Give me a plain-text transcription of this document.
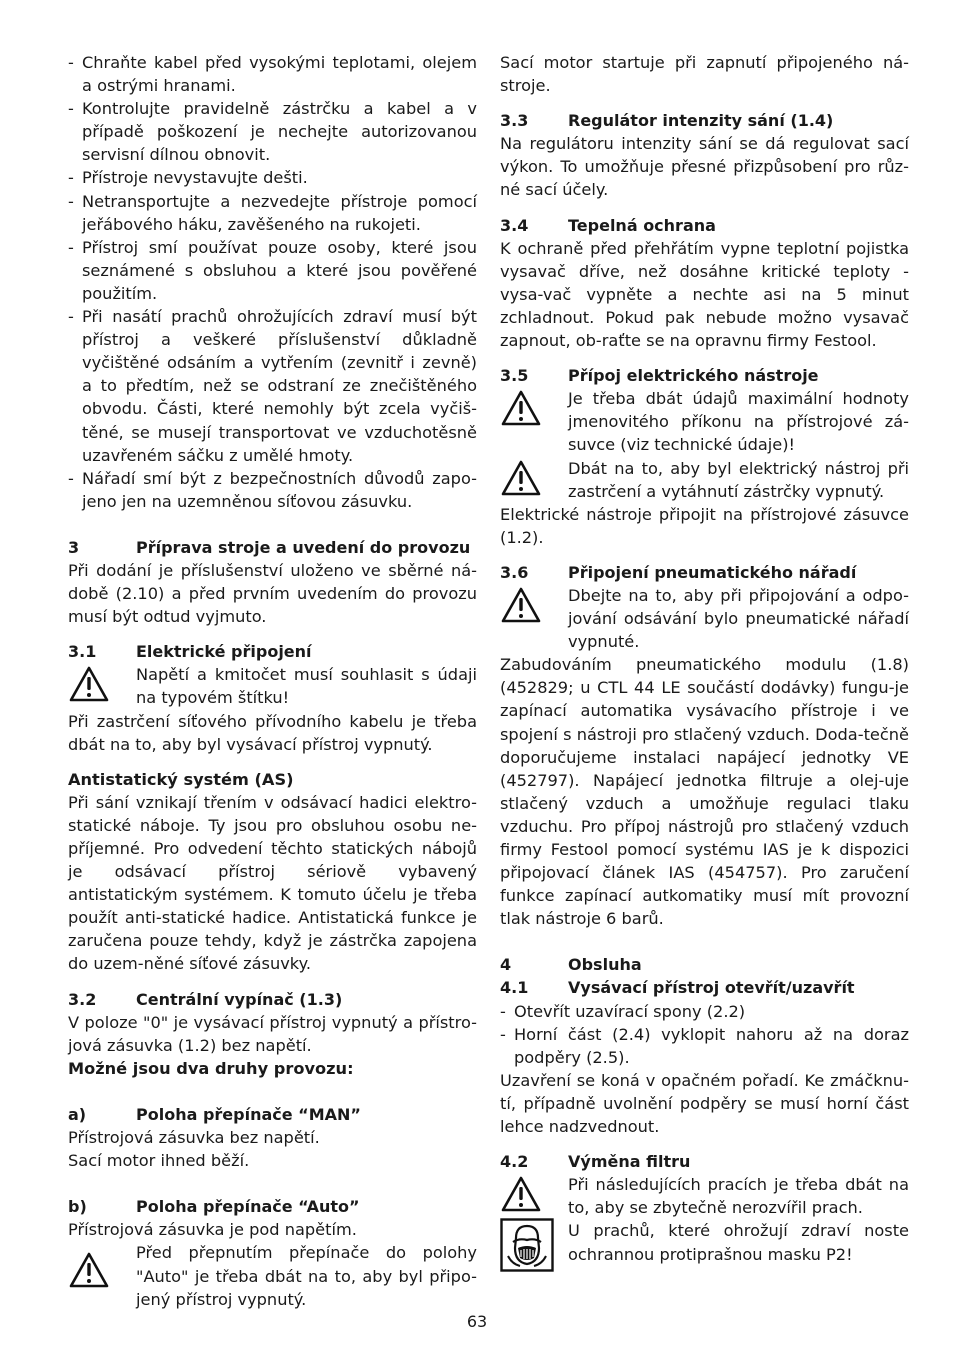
- Chraňte kabel před vysokými teplotami, olejem a ostrými hranami.
- Kontrolujte pravidelně zástrčku a kabel a v případě poškození je nechejte autorizovanou servisní dílnou obnovit.
- Přístroje nevystavujte dešti.
- Netransportujte a nezvedejte přístroje pomocí jeřábového háku, zavěšeného na rukojeti.
- Přístroj smí používat pouze osoby, které jsou seznámené s obsluhou a které jsou pověřené použitím.
- Při nasátí prachů ohrožujících zdraví musí být přístroj a veškeré příslušenství důkladně vyčištěné odsáním a vytřením (zevnitř i zevně) a to předtím, než se odstraní ze znečištěného obvodu. Části, které nemohly být zcela vyčiš-těné, se musejí transportovat ve vzduchotěsně uzavřeném sáčku z umělé hmoty.
- Nářadí smí být z bezpečnostních důvodů zapo-jeno jen na uzemněnou síťovou zásuvku.
3	Příprava stroje a uvedení do provozu

Při dodání je příslušenství uloženo ve sběrné ná-době (2.10) a před prvním uvedením do provozu musí být odtud vyjmuto.

3.1	Elektrické připojení
Napětí a kmitočet musí souhlasit s údaji na typovém štítku!

Při zastrčení síťového přívodního kabelu je třeba dbát na to, aby byl vysávací přístroj vypnutý.

Antistatický systém (AS)

Při sání vznikají třením v odsávací hadici elektro-statické náboje. Ty jsou pro obsluhou osobu ne-příjemné. Pro odvedení těchto statických nábojů je odsávací přístroj sériově vybavený antistatickým systémem. K tomuto účelu je třeba použít anti-statické hadice. Antistatická funkce je zaručena pouze tehdy, když je zástrčka zapojena do uzem-něné síťové zásuvky.

3.2	Centrální vypínač (1.3)

V poloze "0" je vysávací přístroj vypnutý a přístro-jová zásuvka (1.2) bez napětí.

Možné jsou dva druhy provozu:
a)	Poloha přepínače “MAN”
Přístrojová zásuvka bez napětí.
Sací motor ihned běží.
b)	Poloha přepínače “Auto”
Přístrojová zásuvka je pod napětím.
Před přepnutím přepínače do polohy "Auto" je třeba dbát na to, aby byl připo-jený přístroj vypnutý.

Sací motor startuje při zapnutí připojeného ná-stroje.

3.3	Regulátor intenzity sání (1.4)

Na regulátoru intenzity sání se dá regulovat sací výkon. To umožňuje přesné přizpůsobení pro růz-né sací účely.

3.4	Tepelná ochrana

K ochraně před přehřátím vypne teplotní pojistka vysavač dříve, než dosáhne kritické teploty - vysa-vač vypněte a nechte asi na 5 minut zchladnout. Pokud pak nebude možno vysavač zapnout, ob-raťte se na opravnu firmy Festool.

3.5	Přípoj elektrického nástroje
Je třeba dbát údajů maximální hodnoty jmenovitého příkonu na přístrojové zá-suvce (viz technické údaje)!
Dbát na to, aby byl elektrický nástroj při zastrčení a vytáhnutí zástrčky vypnutý.

Elektrické nástroje připojit na přístrojové zásuvce (1.2).

3.6	Připojení pneumatického nářadí
Dbejte na to, aby při připojování a odpo-jování odsávání bylo pneumatické nářadí vypnuté.

Zabudováním pneumatického modulu (1.8) (452829; u CTL 44 LE součástí dodávky) fungu-je zapínací automatika vysávacího přístroje i ve spojení s nástroji pro stlačený vzduch. Doda-tečně doporučujeme instalaci napájecí jednotky VE (452797). Napájecí jednotka filtruje a olej-uje stlačený vzduch a umožňuje regulaci tlaku vzduchu. Pro přípoj nástrojů pro stlačený vzduch firmy Festool pomocí systému IAS je k dispozici připojovací článek IAS (454757). Pro zaručení funkce zapínací autkomatiky musí mít provozní tlak nástroje 6 barů.

4	Obsluha
4.1	Vysávací přístroj otevřít/uzavřít
- Otevřít uzavírací spony (2.2)
- Horní část (2.4) vyklopit nahoru až na doraz podpěry (2.5).

Uzavření se koná v opačném pořadí. Ke zmáčknu-tí, případně uvolnění podpěry se musí horní část lehce nadzvednout.

4.2	Výměna filtru

Při následujících pracích je třeba dbát na to, aby se zbytečně nerozvířil prach.

U prachů, které ohrožují zdraví noste ochrannou protiprašnou masku P2!

63
